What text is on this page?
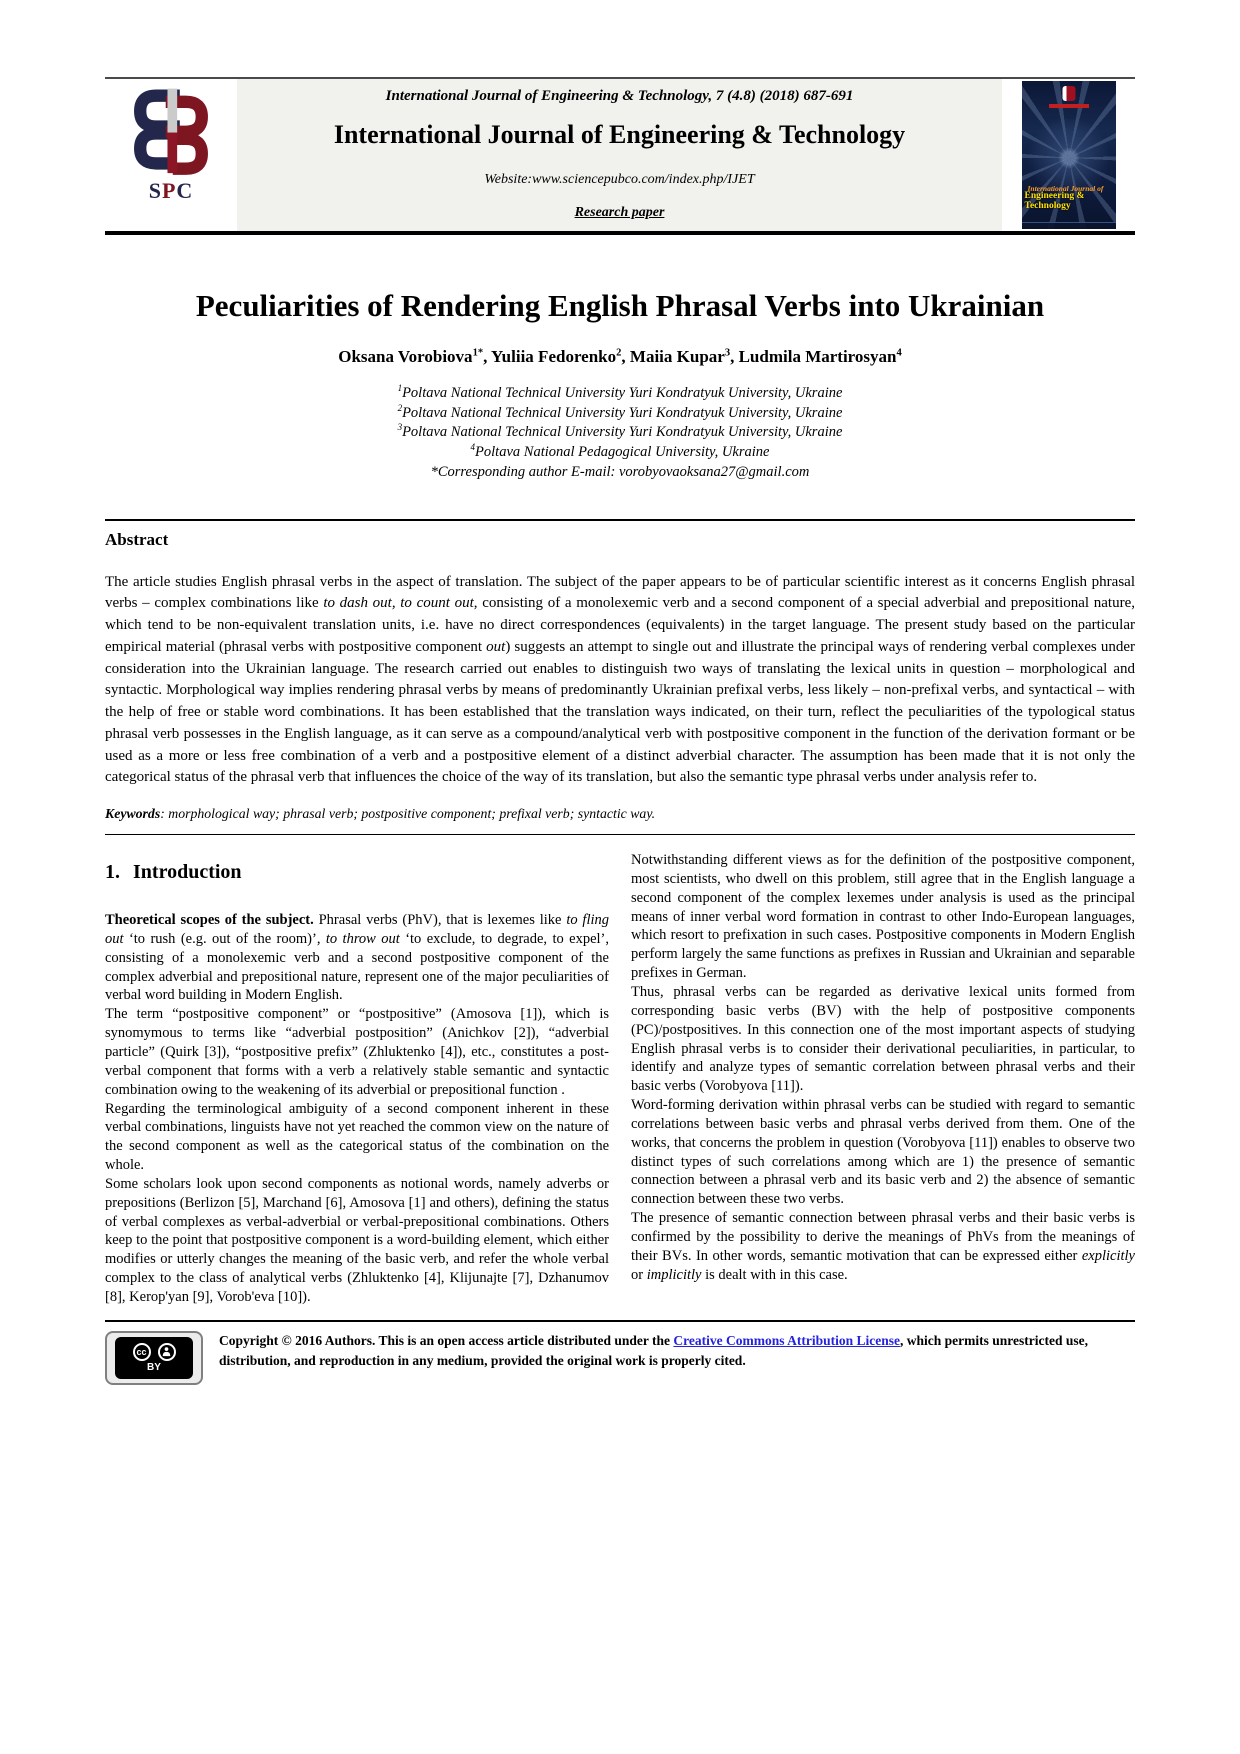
SPC
International Journal of Engineering & Technology, 7 (4.8) (2018) 687-691
International Journal of Engineering & Technology
Website:www.sciencepubco.com/index.php/IJET
Research paper
International Journal of
Engineering & Technology
Peculiarities of Rendering English Phrasal Verbs into Ukrainian
Oksana Vorobiova$^{1*}$, Yuliia Fedorenko$^2$, Maiia Kupar$^3$, Ludmila Martirosyan$^4$
$^1$Poltava National Technical University Yuri Kondratyuk University, Ukraine
$^2$Poltava National Technical University Yuri Kondratyuk University, Ukraine
$^3$Poltava National Technical University Yuri Kondratyuk University, Ukraine
$^4$Poltava National Pedagogical University, Ukraine
*Corresponding author E-mail: vorobyovaoksana27@gmail.com
Abstract

The article studies English phrasal verbs in the aspect of translation. The subject of the paper appears to be of particular scientific interest as it concerns English phrasal verbs – complex combinations like to dash out, to count out, consisting of a monolexemic verb and a second component of a special adverbial and prepositional nature, which tend to be non-equivalent translation units, i.e. have no direct correspondences (equivalents) in the target language. The present study based on the particular empirical material (phrasal verbs with postpositive component out) suggests an attempt to single out and illustrate the principal ways of rendering verbal complexes under consideration into the Ukrainian language. The research carried out enables to distinguish two ways of translating the lexical units in question – morphological and syntactic. Morphological way implies rendering phrasal verbs by means of predominantly Ukrainian prefixal verbs, less likely – non-prefixal verbs, and syntactical – with the help of free or stable word combinations. It has been established that the translation ways indicated, on their turn, reflect the peculiarities of the typological status phrasal verb possesses in the English language, as it can serve as a compound/analytical verb with postpositive component in the function of the derivation formant or be used as a more or less free combination of a verb and a postpositive element of a distinct adverbial character. The assumption has been made that it is not only the categorical status of the phrasal verb that influences the choice of the way of its translation, but also the semantic type phrasal verbs under analysis refer to.

Keywords: morphological way; phrasal verb; postpositive component; prefixal verb; syntactic way.

1. Introduction

Theoretical scopes of the subject. Phrasal verbs (PhV), that is lexemes like to fling out ‘to rush (e.g. out of the room)’, to throw out ‘to exclude, to degrade, to expel’, consisting of a monolexemic verb and a second postpositive component of the complex adverbial and prepositional nature, represent one of the major peculiarities of verbal word building in Modern English.

The term “postpositive component” or “postpositive” (Amosova [1]), which is synomymous to terms like “adverbial postposition” (Anichkov [2]), “adverbial particle” (Quirk [3]), “postpositive prefix” (Zhluktenko [4]), etc., constitutes a post-verbal component that forms with a verb a relatively stable semantic and syntactic combination owing to the weakening of its adverbial or prepositional function .

Regarding the terminological ambiguity of a second component inherent in these verbal combinations, linguists have not yet reached the common view on the nature of the second component as well as the categorical status of the combination on the whole.

Some scholars look upon second components as notional words, namely adverbs or prepositions (Berlizon [5], Marchand [6], Amosova [1] and others), defining the status of verbal complexes as verbal-adverbial or verbal-prepositional combinations. Others keep to the point that postpositive component is a word-building element, which either modifies or utterly changes the meaning of the basic verb, and refer the whole verbal complex to the class of analytical verbs (Zhluktenko [4], Klijunajte [7], Dzhanumov [8], Kerop'yan [9], Vorob'eva [10]).

Notwithstanding different views as for the definition of the postpositive component, most scientists, who dwell on this problem, still agree that in the English language a second component of the complex lexemes under analysis is used as the principal means of inner verbal word formation in contrast to other Indo-European languages, which resort to prefixation in such cases. Postpositive components in Modern English perform largely the same functions as prefixes in Russian and Ukrainian and separable prefixes in German.

Thus, phrasal verbs can be regarded as derivative lexical units formed from corresponding basic verbs (BV) with the help of postpositive components (PC)/postpositives. In this connection one of the most important aspects of studying English phrasal verbs is to consider their derivational peculiarities, in particular, to identify and analyze types of semantic correlation between phrasal verbs and their basic verbs (Vorobyova [11]).

Word-forming derivation within phrasal verbs can be studied with regard to semantic correlations between basic verbs and phrasal verbs derived from them. One of the works, that concerns the problem in question (Vorobyova [11]) enables to observe two distinct types of such correlations among which are 1) the presence of semantic connection between a phrasal verb and its basic verb and 2) the absence of semantic connection between these two verbs.

The presence of semantic connection between phrasal verbs and their basic verbs is confirmed by the possibility to derive the meanings of PhVs from the meanings of their BVs. In other words, semantic motivation that can be expressed either explicitly or implicitly is dealt with in this case.

cc
BY
Copyright © 2016 Authors. This is an open access article distributed under the Creative Commons Attribution License, which permits unrestricted use, distribution, and reproduction in any medium, provided the original work is properly cited.
